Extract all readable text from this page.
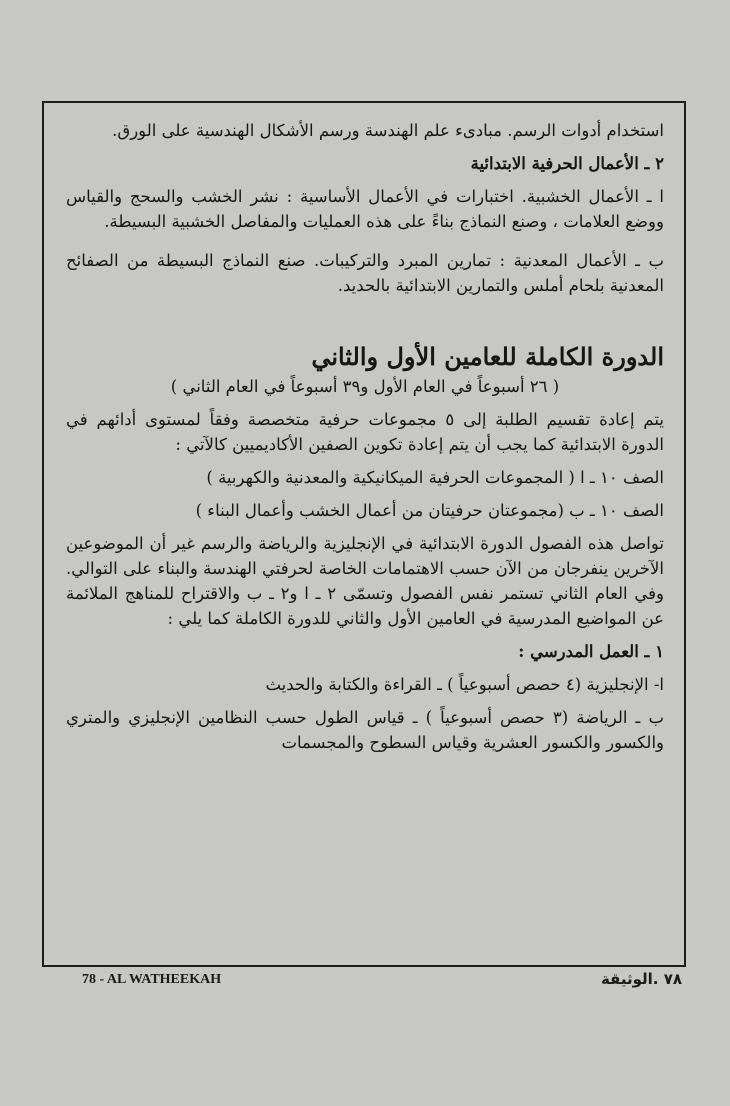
استخدام أدوات الرسم. مبادىء علم الهندسة ورسم الأشكال الهندسية على الورق.

٢ ـ الأعمال الحرفية الابتدائية

ا ـ الأعمال الخشبية. اختبارات في الأعمال الأساسية : نشر الخشب والسحج والقياس ووضع العلامات ، وصنع النماذج بناءً على هذه العمليات والمفاصل الخشبية البسيطة.

ب ـ الأعمال المعدنية : تمارين المبرد والتركيبات. صنع النماذج البسيطة من الصفائح المعدنية بلحام أملس والتمارين الابتدائية بالحديد.

الدورة الكاملة للعامين الأول والثاني

( ٢٦ أسبوعاً في العام الأول و٣٩ أسبوعاً في العام الثاني )

يتم إعادة تقسيم الطلبة إلى ٥ مجموعات حرفية متخصصة وفقاً لمستوى أدائهم في الدورة الابتدائية كما يجب أن يتم إعادة تكوين الصفين الأكاديميين كالآتي :

الصف ١٠ ـ ا ( المجموعات الحرفية الميكانيكية والمعدنية والكهربية )

الصف ١٠ ـ ب (مجموعتان حرفيتان من أعمال الخشب وأعمال البناء )

تواصل هذه الفصول الدورة الابتدائية في الإنجليزية والرياضة والرسم غير أن الموضوعين الآخرين ينفرجان من الآن حسب الاهتمامات الخاصة لحرفتي الهندسة والبناء على التوالي. وفي العام الثاني تستمر نفس الفصول وتسمّى ٢ ـ ا و٢ ـ ب والاقتراح للمناهج الملائمة عن المواضيع المدرسية في العامين الأول والثاني للدورة الكاملة كما يلي :

١ ـ العمل المدرسي :

ا- الإنجليزية (٤ حصص أسبوعياً ) ـ القراءة والكتابة والحديث

ب ـ الرياضة (٣ حصص أسبوعياً ) ـ قياس الطول حسب النظامين الإنجليزي والمتري والكسور والكسور العشرية وقياس السطوح والمجسمات

78 - AL WATHEEKAH	٧٨ .الوثيقة
